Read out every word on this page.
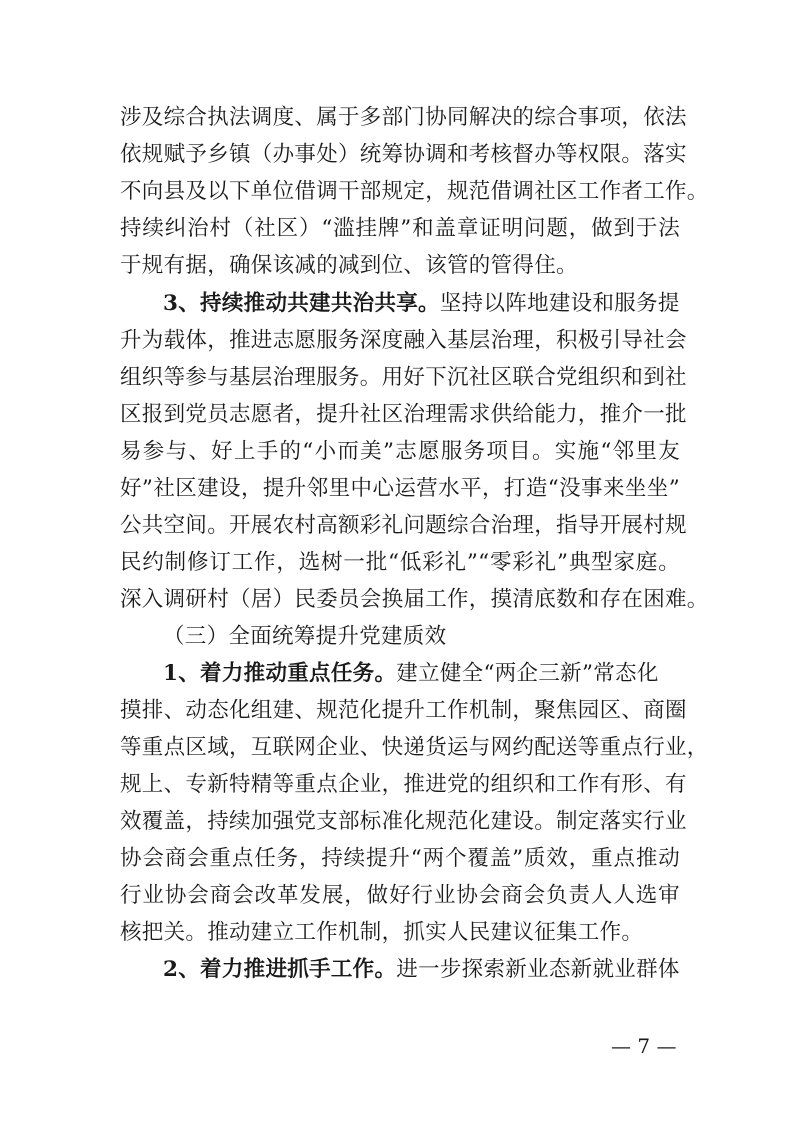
涉及综合执法调度、属于多部门协同解决的综合事项，依法
依规赋予乡镇（办事处）统筹协调和考核督办等权限。落实
不向县及以下单位借调干部规定，规范借调社区工作者工作。
持续纠治村（社区）“滥挂牌”和盖章证明问题，做到于法
于规有据，确保该减的减到位、该管的管得住。
3、持续推动共建共治共享。坚持以阵地建设和服务提
升为载体，推进志愿服务深度融入基层治理，积极引导社会
组织等参与基层治理服务。用好下沉社区联合党组织和到社
区报到党员志愿者，提升社区治理需求供给能力，推介一批
易参与、好上手的“小而美”志愿服务项目。实施“邻里友
好”社区建设，提升邻里中心运营水平，打造“没事来坐坐”
公共空间。开展农村高额彩礼问题综合治理，指导开展村规
民约制修订工作，选树一批“低彩礼”“零彩礼”典型家庭。
深入调研村（居）民委员会换届工作，摸清底数和存在困难。
（三）全面统筹提升党建质效
1、着力推动重点任务。建立健全“两企三新”常态化
摸排、动态化组建、规范化提升工作机制，聚焦园区、商圈
等重点区域，互联网企业、快递货运与网约配送等重点行业，
规上、专新特精等重点企业，推进党的组织和工作有形、有
效覆盖，持续加强党支部标准化规范化建设。制定落实行业
协会商会重点任务，持续提升“两个覆盖”质效，重点推动
行业协会商会改革发展，做好行业协会商会负责人人选审
核把关。推动建立工作机制，抓实人民建议征集工作。
2、着力推进抓手工作。进一步探索新业态新就业群体
— 7 —
